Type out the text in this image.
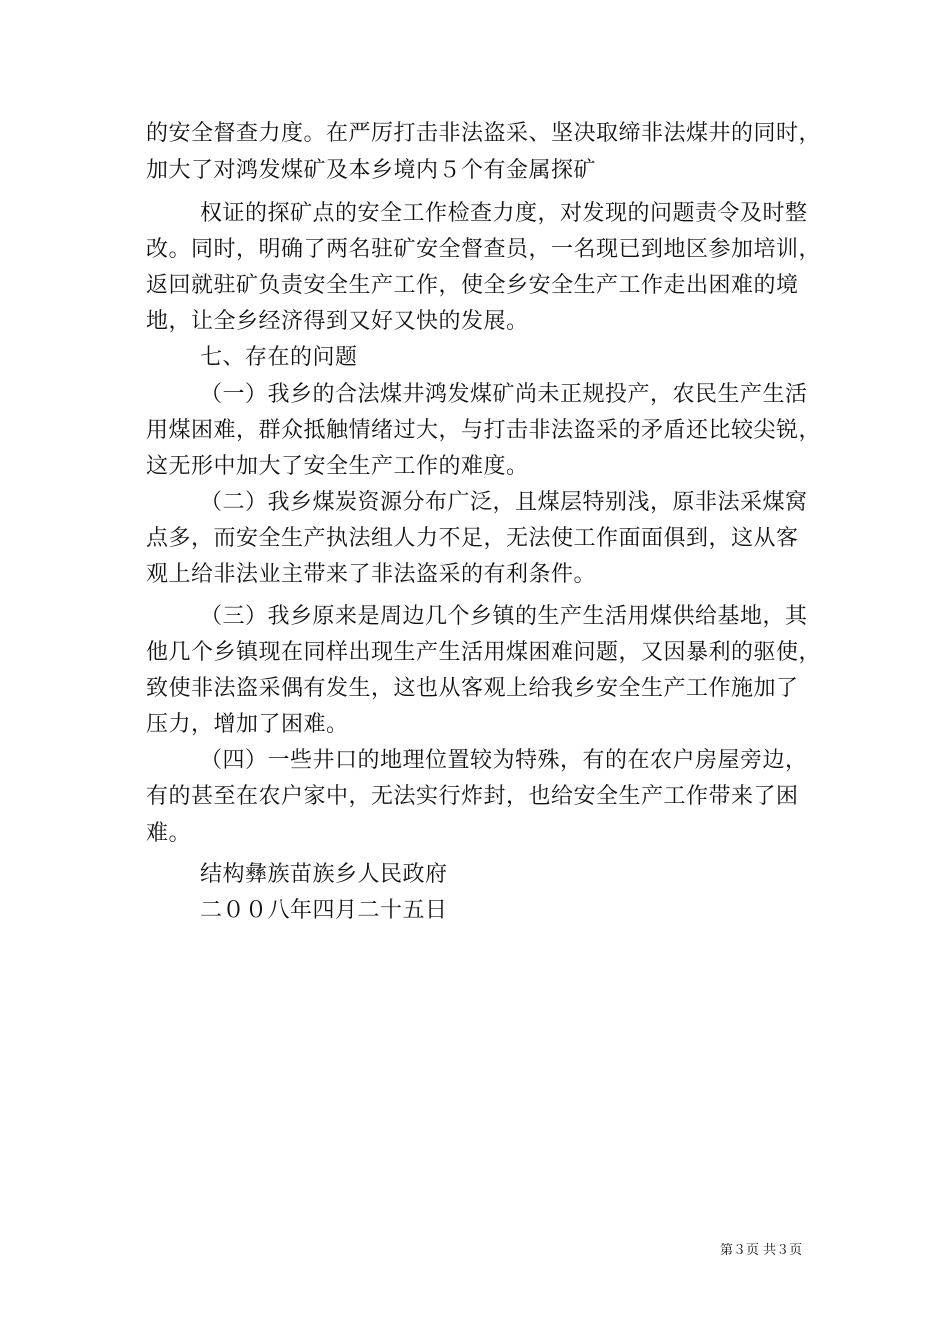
的安全督查力度。在严厉打击非法盗采、坚决取缔非法煤井的同时，
加大了对鸿发煤矿及本乡境内５个有金属探矿
权证的探矿点的安全工作检查力度，对发现的问题责令及时整
改。同时，明确了两名驻矿安全督查员，一名现已到地区参加培训，
返回就驻矿负责安全生产工作，使全乡安全生产工作走出困难的境
地，让全乡经济得到又好又快的发展。
七、存在的问题
（一）我乡的合法煤井鸿发煤矿尚未正规投产，农民生产生活
用煤困难，群众抵触情绪过大，与打击非法盗采的矛盾还比较尖锐，
这无形中加大了安全生产工作的难度。
（二）我乡煤炭资源分布广泛，且煤层特别浅，原非法采煤窝
点多，而安全生产执法组人力不足，无法使工作面面俱到，这从客
观上给非法业主带来了非法盗采的有利条件。
（三）我乡原来是周边几个乡镇的生产生活用煤供给基地，其
他几个乡镇现在同样出现生产生活用煤困难问题，又因暴利的驱使，
致使非法盗采偶有发生，这也从客观上给我乡安全生产工作施加了
压力，增加了困难。
（四）一些井口的地理位置较为特殊，有的在农户房屋旁边，
有的甚至在农户家中，无法实行炸封，也给安全生产工作带来了困
难。
结构彝族苗族乡人民政府
二００八年四月二十五日
第３页 共３页
